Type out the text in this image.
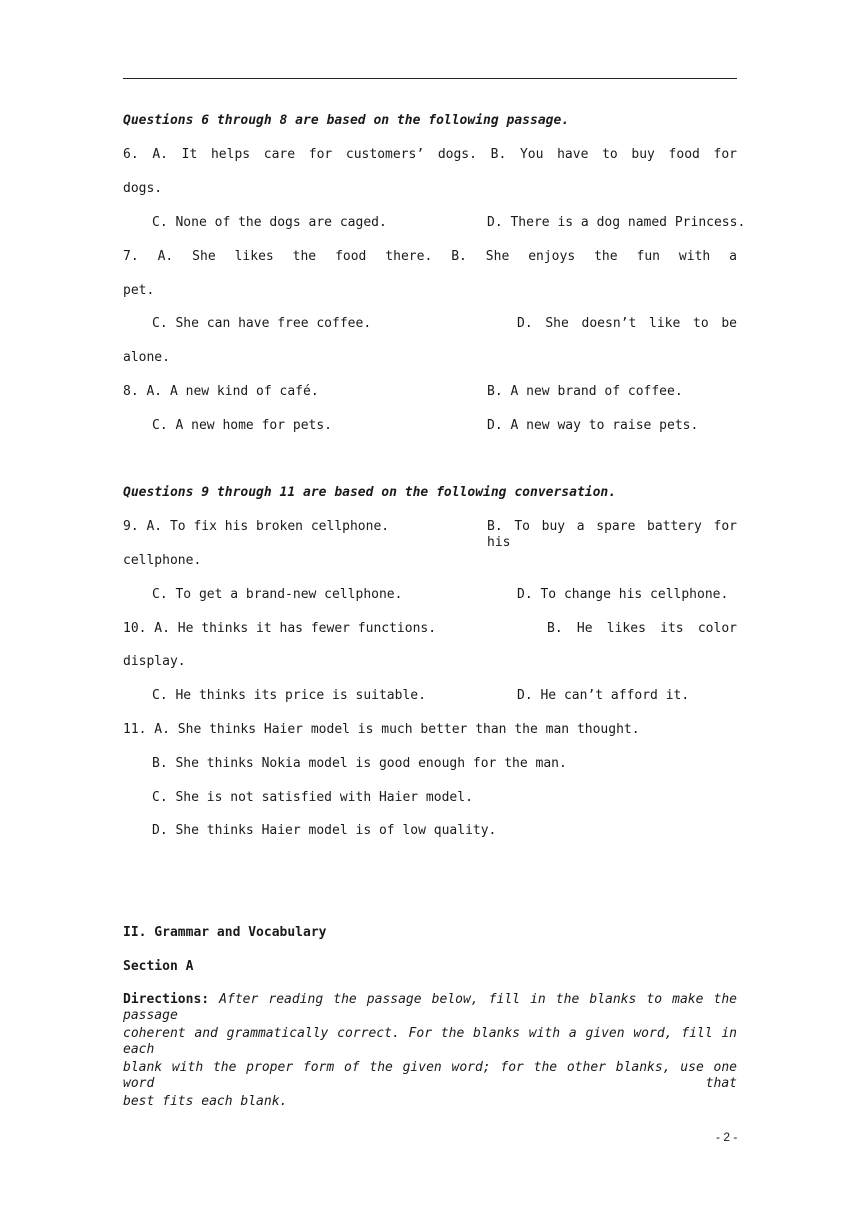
Questions 6 through 8 are based on the following passage.
6. A. It helps care for customers’ dogs. B. You have to buy food for
dogs.
C. None of the dogs are caged.	D. There is a dog named Princess.
7. A. She likes the food there. B. She enjoys the fun with a
pet.
C. She can have free coffee.	D. She doesn’t like to be
alone.
8. A. A new kind of café.	B. A new brand of coffee.
C. A new home for pets.	D. A new way to raise pets.
Questions 9 through 11 are based on the following conversation.
9. A. To fix his broken cellphone.	B. To buy a spare battery for his
cellphone.
C. To get a brand-new cellphone.	D. To change his cellphone.
10. A. He thinks it has fewer functions.	B. He likes its color
display.
C. He thinks its price is suitable.	D. He can’t afford it.
11. A. She thinks Haier model is much better than the man thought.
B. She thinks Nokia model is good enough for the man.
C. She is not satisfied with Haier model.
D. She thinks Haier model is of low quality.
II. Grammar and Vocabulary
Section A
Directions: After reading the passage below, fill in the blanks to make the passage
coherent and grammatically correct. For the blanks with a given word, fill in each
blank with the proper form of the given word; for the other blanks, use one word that
best fits each blank.
- 2 -
